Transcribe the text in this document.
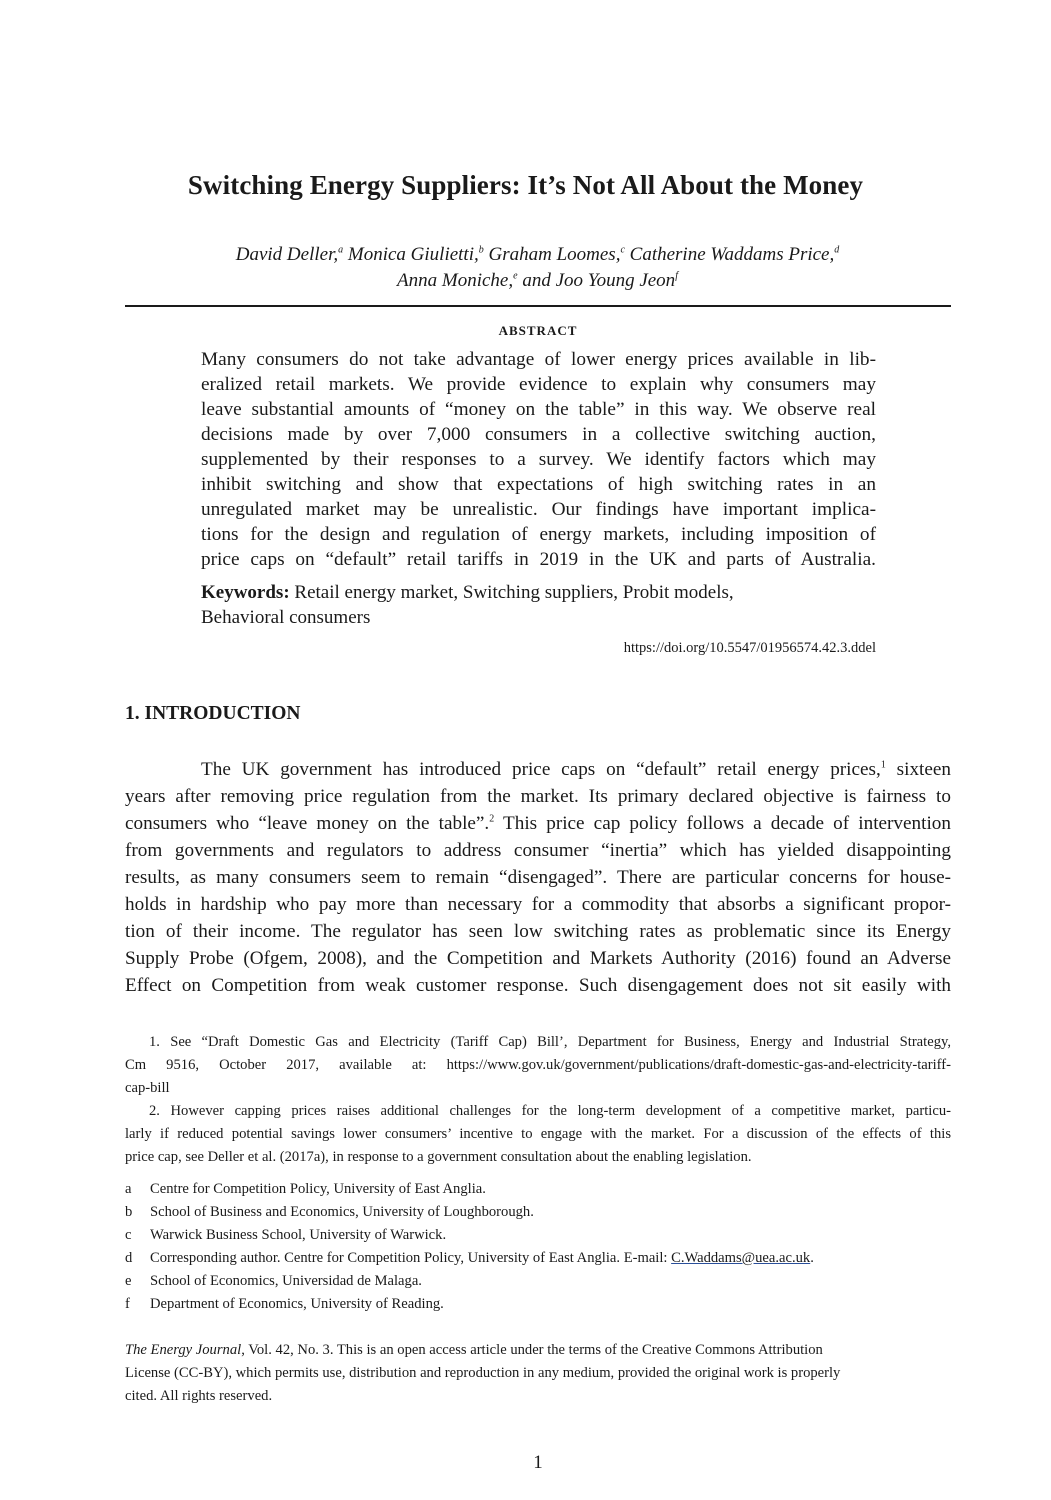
Switching Energy Suppliers: It’s Not All About the Money
David Deller,$^a$ Monica Giulietti,$^b$ Graham Loomes,$^c$ Catherine Waddams Price,$^d$
Anna Moniche,$^e$ and Joo Young Jeon$^f$
ABSTRACT
Many consumers do not take advantage of lower energy prices available in lib-
eralized retail markets. We provide evidence to explain why consumers may
leave substantial amounts of “money on the table” in this way. We observe real
decisions made by over 7,000 consumers in a collective switching auction,
supplemented by their responses to a survey. We identify factors which may
inhibit switching and show that expectations of high switching rates in an
unregulated market may be unrealistic. Our findings have important implica-
tions for the design and regulation of energy markets, including imposition of
price caps on “default” retail tariffs in 2019 in the UK and parts of Australia.
Keywords: Retail energy market, Switching suppliers, Probit models,
Behavioral consumers
https://doi.org/10.5547/01956574.42.3.ddel
1. INTRODUCTION
The UK government has introduced price caps on “default” retail energy prices,$^1$ sixteen
years after removing price regulation from the market. Its primary declared objective is fairness to
consumers who “leave money on the table”.$^2$ This price cap policy follows a decade of intervention
from governments and regulators to address consumer “inertia” which has yielded disappointing
results, as many consumers seem to remain “disengaged”. There are particular concerns for house-
holds in hardship who pay more than necessary for a commodity that absorbs a significant propor-
tion of their income. The regulator has seen low switching rates as problematic since its Energy
Supply Probe (Ofgem, 2008), and the Competition and Markets Authority (2016) found an Adverse
Effect on Competition from weak customer response. Such disengagement does not sit easily with
1. See “Draft Domestic Gas and Electricity (Tariff Cap) Bill’, Department for Business, Energy and Industrial Strategy,
Cm 9516, October 2017, available at: https://www.gov.uk/government/publications/draft-domestic-gas-and-electricity-tariff-
cap-bill
2. However capping prices raises additional challenges for the long-term development of a competitive market, particu-
larly if reduced potential savings lower consumers’ incentive to engage with the market. For a discussion of the effects of this
price cap, see Deller et al. (2017a), in response to a government consultation about the enabling legislation.
a Centre for Competition Policy, University of East Anglia.
b School of Business and Economics, University of Loughborough.
c Warwick Business School, University of Warwick.
d Corresponding author. Centre for Competition Policy, University of East Anglia. E-mail: C.Waddams@uea.ac.uk.
e School of Economics, Universidad de Malaga.
f Department of Economics, University of Reading.
The Energy Journal, Vol. 42, No. 3. This is an open access article under the terms of the Creative Commons Attribution
License (CC-BY), which permits use, distribution and reproduction in any medium, provided the original work is properly
cited. All rights reserved.
1
